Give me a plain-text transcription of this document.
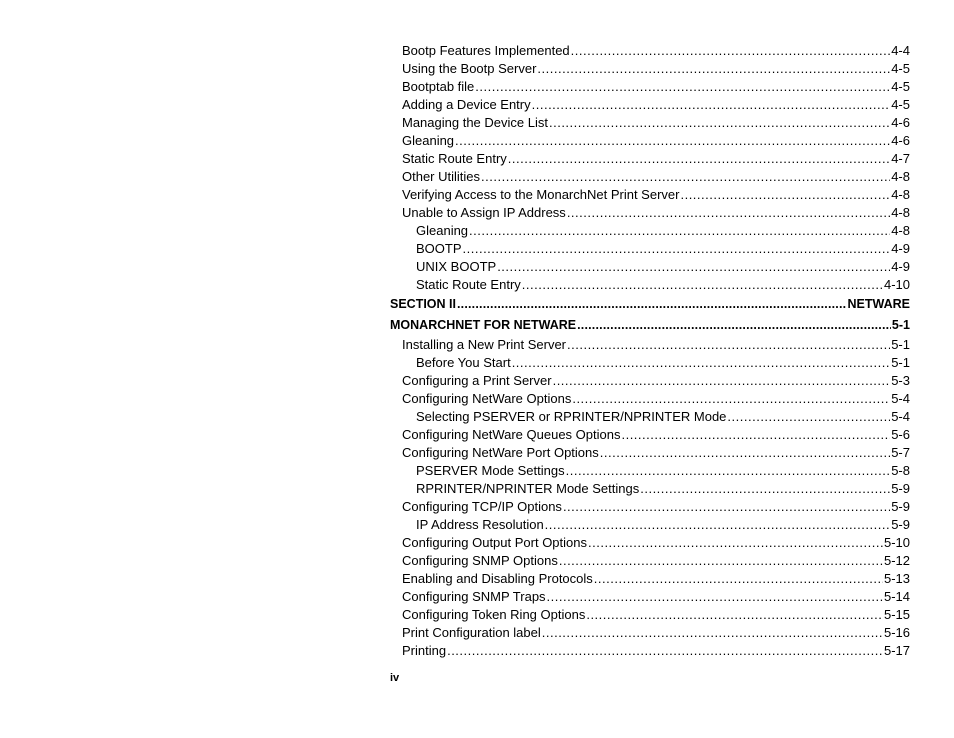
Bootp Features Implemented .....	4-4
Using the Bootp Server .....	4-5
Bootptab file .....	4-5
Adding a Device Entry .....	4-5
Managing the Device List .....	4-6
Gleaning .....	4-6
Static Route Entry .....	4-7
Other Utilities .....	4-8
Verifying Access to the MonarchNet Print Server .....	4-8
Unable to Assign IP Address .....	4-8
Gleaning .....	4-8
BOOTP .....	4-9
UNIX BOOTP .....	4-9
Static Route Entry .....	4-10
SECTION II .....	NETWARE
MONARCHNET FOR NETWARE .....	5-1
Installing a New Print Server .....	5-1
Before You Start .....	5-1
Configuring a Print Server .....	5-3
Configuring NetWare Options .....	5-4
Selecting PSERVER or RPRINTER/NPRINTER Mode .....	5-4
Configuring NetWare Queues Options .....	5-6
Configuring NetWare Port Options .....	5-7
PSERVER Mode Settings .....	5-8
RPRINTER/NPRINTER Mode Settings .....	5-9
Configuring TCP/IP Options .....	5-9
IP Address Resolution .....	5-9
Configuring Output Port Options .....	5-10
Configuring SNMP Options .....	5-12
Enabling and Disabling Protocols .....	5-13
Configuring SNMP Traps .....	5-14
Configuring Token Ring Options .....	5-15
Print Configuration label .....	5-16
Printing .....	5-17
iv
